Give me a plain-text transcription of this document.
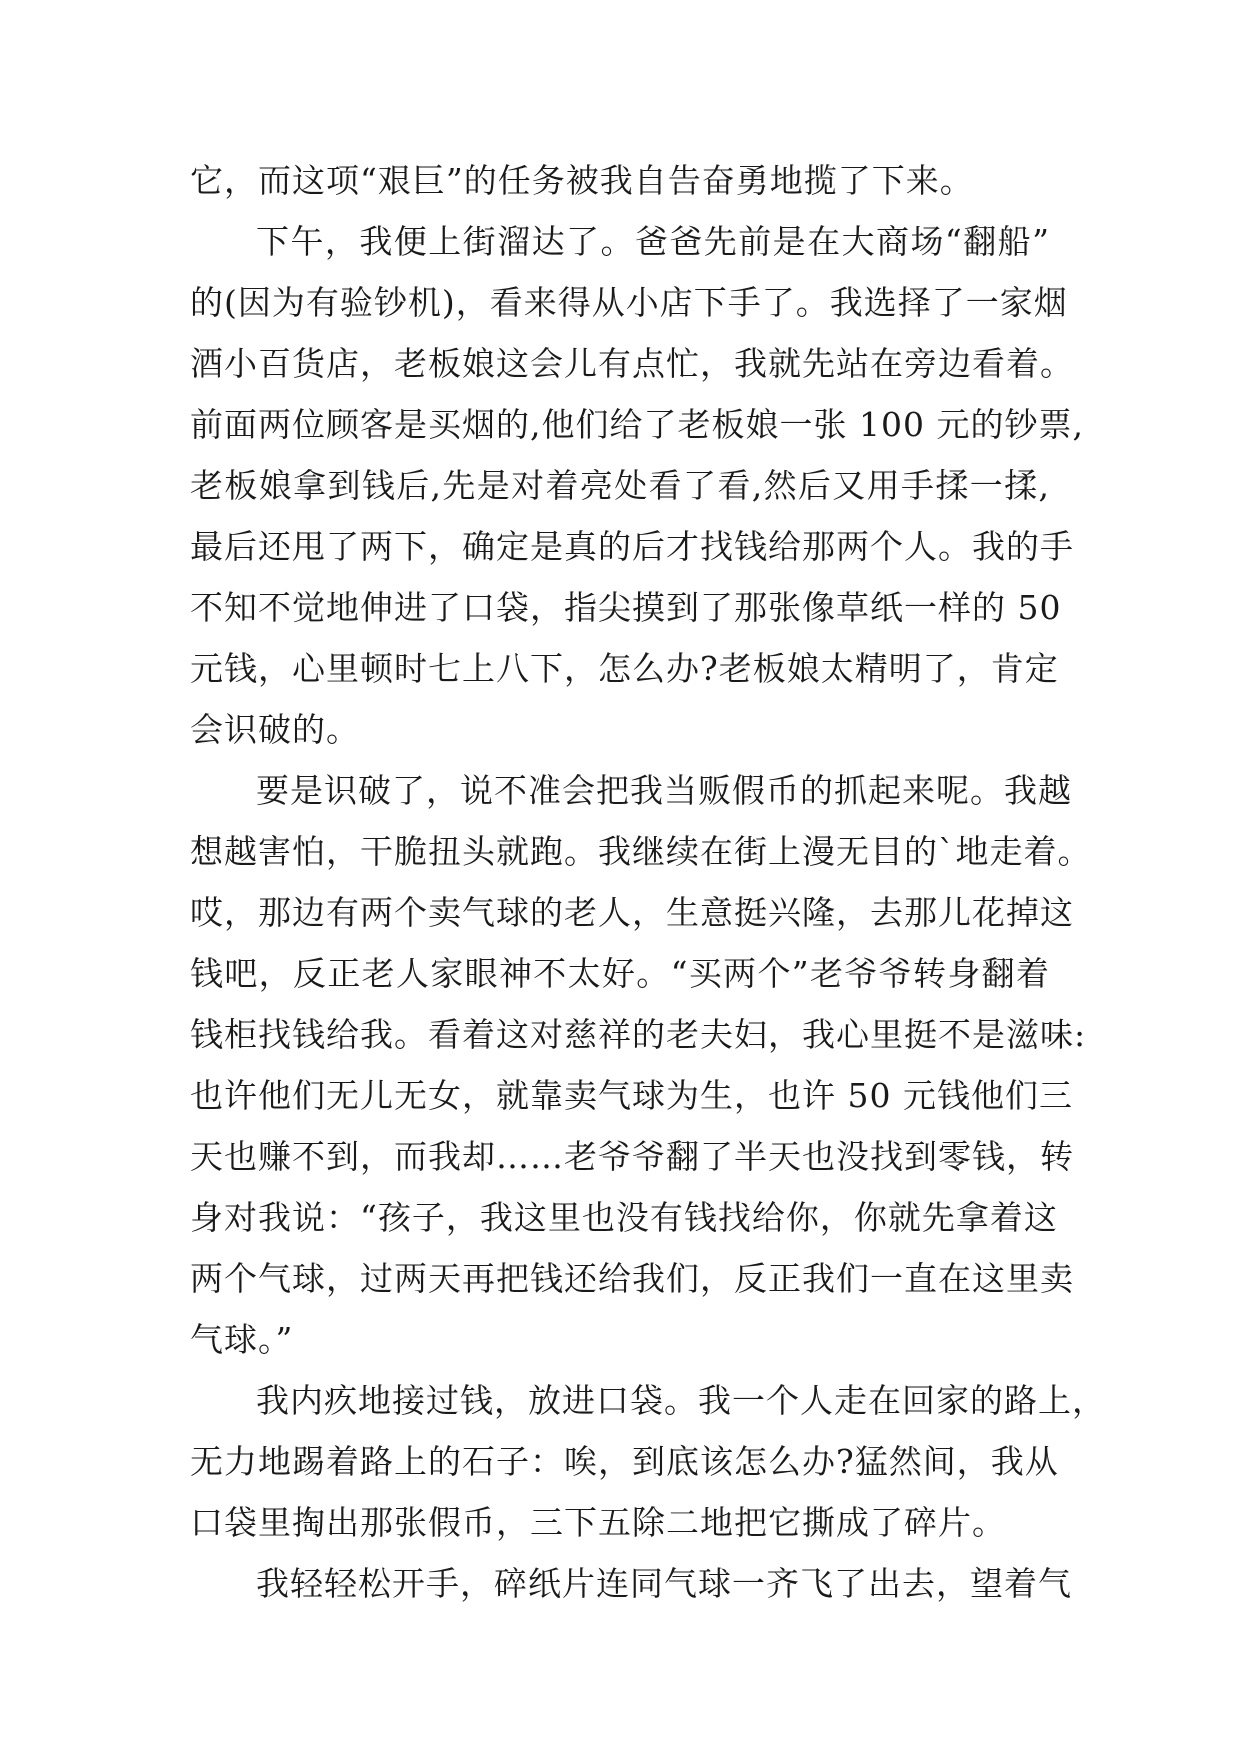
它，而这项“艰巨”的任务被我自告奋勇地揽了下来。
下午，我便上街溜达了。爸爸先前是在大商场“翻船”
的(因为有验钞机)，看来得从小店下手了。我选择了一家烟
酒小百货店，老板娘这会儿有点忙，我就先站在旁边看着。
前面两位顾客是买烟的,他们给了老板娘一张 100 元的钞票,
老板娘拿到钱后,先是对着亮处看了看,然后又用手揉一揉,
最后还甩了两下，确定是真的后才找钱给那两个人。我的手
不知不觉地伸进了口袋，指尖摸到了那张像草纸一样的 50
元钱，心里顿时七上八下，怎么办?老板娘太精明了，肯定
会识破的。
要是识破了，说不准会把我当贩假币的抓起来呢。我越
想越害怕，干脆扭头就跑。我继续在街上漫无目的`地走着。
哎，那边有两个卖气球的老人，生意挺兴隆，去那儿花掉这
钱吧，反正老人家眼神不太好。“买两个”老爷爷转身翻着
钱柜找钱给我。看着这对慈祥的老夫妇，我心里挺不是滋味:
也许他们无儿无女，就靠卖气球为生，也许 50 元钱他们三
天也赚不到，而我却……老爷爷翻了半天也没找到零钱，转
身对我说：“孩子，我这里也没有钱找给你，你就先拿着这
两个气球，过两天再把钱还给我们，反正我们一直在这里卖
气球。”
我内疚地接过钱，放进口袋。我一个人走在回家的路上，
无力地踢着路上的石子：唉，到底该怎么办?猛然间，我从
口袋里掏出那张假币，三下五除二地把它撕成了碎片。
我轻轻松开手，碎纸片连同气球一齐飞了出去，望着气
